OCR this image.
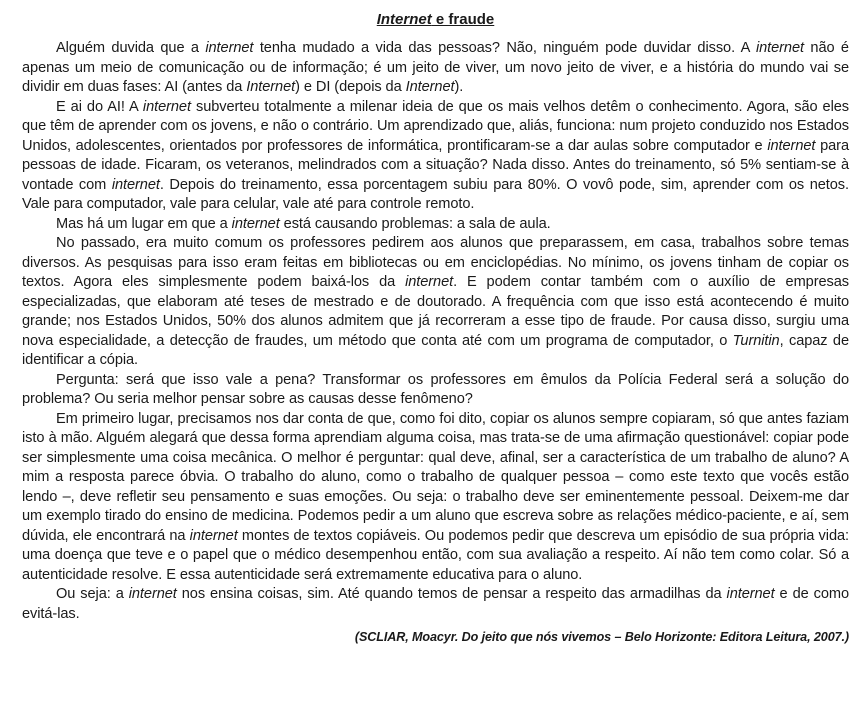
Internet e fraude

Alguém duvida que a internet tenha mudado a vida das pessoas? Não, ninguém pode duvidar disso. A internet não é apenas um meio de comunicação ou de informação; é um jeito de viver, um novo jeito de viver, e a história do mundo vai se dividir em duas fases: AI (antes da Internet) e DI (depois da Internet).

E ai do AI! A internet subverteu totalmente a milenar ideia de que os mais velhos detêm o conhecimento. Agora, são eles que têm de aprender com os jovens, e não o contrário. Um aprendizado que, aliás, funciona: num projeto conduzido nos Estados Unidos, adolescentes, orientados por professores de informática, prontificaram-se a dar aulas sobre computador e internet para pessoas de idade. Ficaram, os veteranos, melindrados com a situação? Nada disso. Antes do treinamento, só 5% sentiam-se à vontade com internet. Depois do treinamento, essa porcentagem subiu para 80%. O vovô pode, sim, aprender com os netos. Vale para computador, vale para celular, vale até para controle remoto.

Mas há um lugar em que a internet está causando problemas: a sala de aula.

No passado, era muito comum os professores pedirem aos alunos que preparassem, em casa, trabalhos sobre temas diversos. As pesquisas para isso eram feitas em bibliotecas ou em enciclopédias. No mínimo, os jovens tinham de copiar os textos. Agora eles simplesmente podem baixá-los da internet. E podem contar também com o auxílio de empresas especializadas, que elaboram até teses de mestrado e de doutorado. A frequência com que isso está acontecendo é muito grande; nos Estados Unidos, 50% dos alunos admitem que já recorreram a esse tipo de fraude. Por causa disso, surgiu uma nova especialidade, a detecção de fraudes, um método que conta até com um programa de computador, o Turnitin, capaz de identificar a cópia.

Pergunta: será que isso vale a pena? Transformar os professores em êmulos da Polícia Federal será a solução do problema? Ou seria melhor pensar sobre as causas desse fenômeno?

Em primeiro lugar, precisamos nos dar conta de que, como foi dito, copiar os alunos sempre copiaram, só que antes faziam isto à mão. Alguém alegará que dessa forma aprendiam alguma coisa, mas trata-se de uma afirmação questionável: copiar pode ser simplesmente uma coisa mecânica. O melhor é perguntar: qual deve, afinal, ser a característica de um trabalho de aluno? A mim a resposta parece óbvia. O trabalho do aluno, como o trabalho de qualquer pessoa – como este texto que vocês estão lendo –, deve refletir seu pensamento e suas emoções. Ou seja: o trabalho deve ser eminentemente pessoal. Deixem-me dar um exemplo tirado do ensino de medicina. Podemos pedir a um aluno que escreva sobre as relações médico-paciente, e aí, sem dúvida, ele encontrará na internet montes de textos copiáveis. Ou podemos pedir que descreva um episódio de sua própria vida: uma doença que teve e o papel que o médico desempenhou então, com sua avaliação a respeito. Aí não tem como colar. Só a autenticidade resolve. E essa autenticidade será extremamente educativa para o aluno.

Ou seja: a internet nos ensina coisas, sim. Até quando temos de pensar a respeito das armadilhas da internet e de como evitá-las.

(SCLIAR, Moacyr. Do jeito que nós vivemos – Belo Horizonte: Editora Leitura, 2007.)
